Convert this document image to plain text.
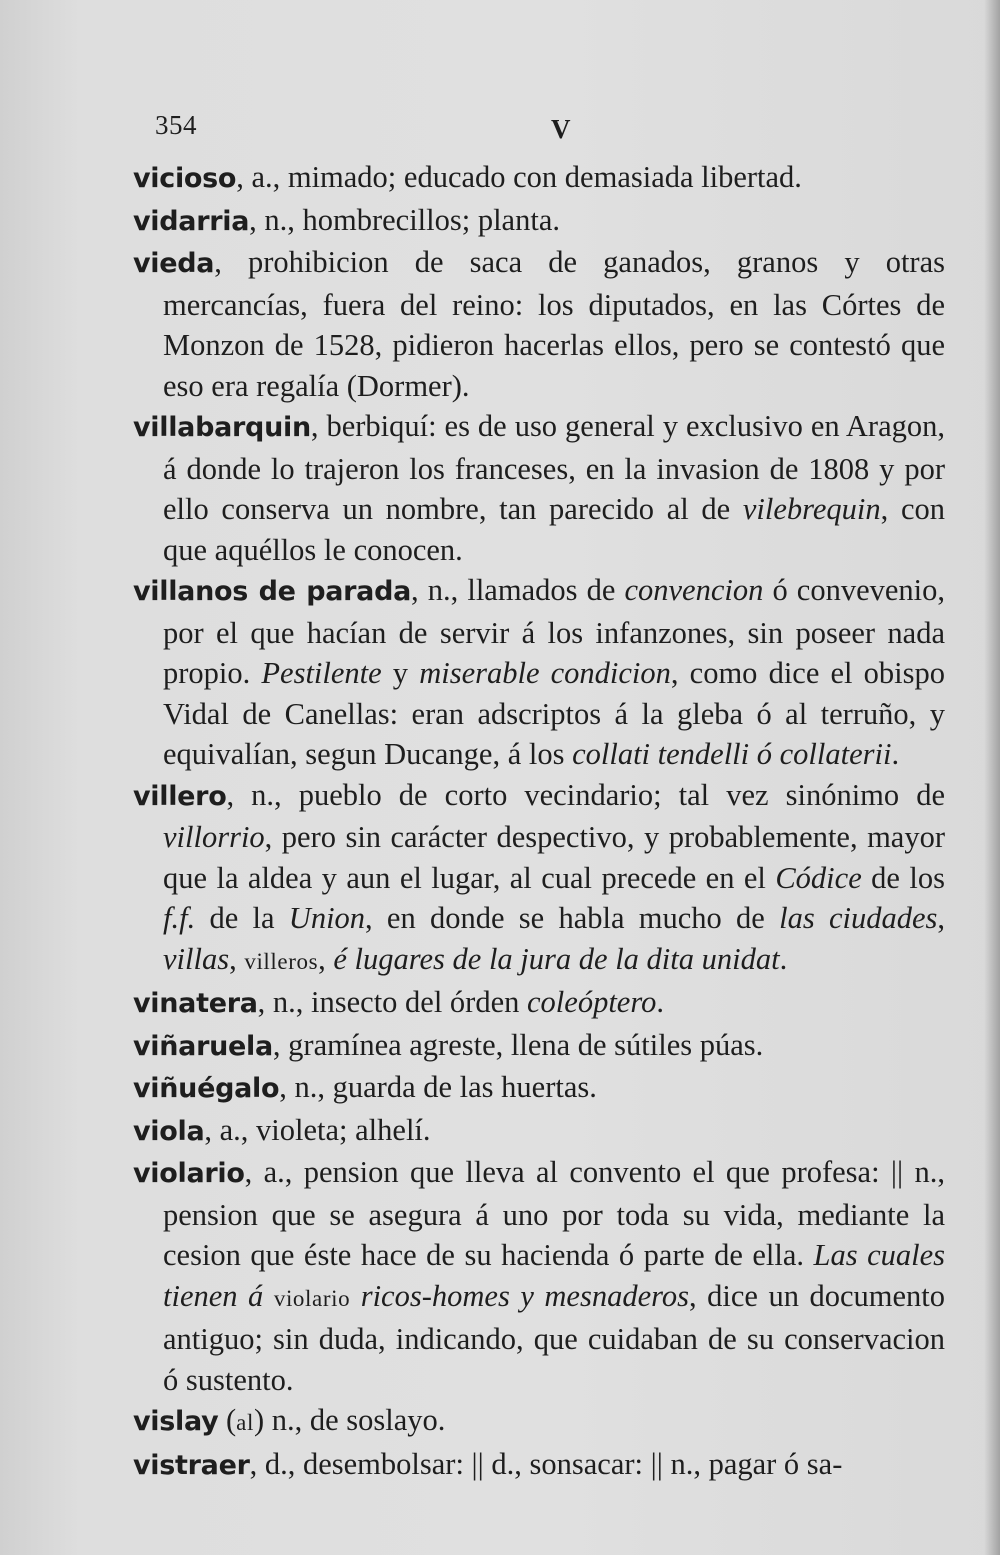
354	V

vicioso, a., mimado; educado con demasiada libertad.

vidarria, n., hombrecillos; planta.

vieda, prohibicion de saca de ganados, granos y otras mercancías, fuera del reino: los diputados, en las Córtes de Monzon de 1528, pidieron hacerlas ellos, pero se contestó que eso era regalía (Dormer).

villabarquin, berbiquí: es de uso general y exclusivo en Aragon, á donde lo trajeron los franceses, en la invasion de 1808 y por ello conserva un nombre, tan parecido al de vilebrequin, con que aquéllos le conocen.

villanos de parada, n., llamados de convencion ó convevenio, por el que hacían de servir á los infanzones, sin poseer nada propio. Pestilente y miserable condicion, como dice el obispo Vidal de Canellas: eran adscriptos á la gleba ó al terruño, y equivalían, segun Ducange, á los collati tendelli ó collaterii.

villero, n., pueblo de corto vecindario; tal vez sinónimo de villorrio, pero sin carácter despectivo, y probablemente, mayor que la aldea y aun el lugar, al cual precede en el Códice de los f.f. de la Union, en donde se habla mucho de las ciudades, villas, villeros, é lugares de la jura de la dita unidat.

vinatera, n., insecto del órden coleóptero.

viñaruela, gramínea agreste, llena de sútiles púas.

viñuégalo, n., guarda de las huertas.

viola, a., violeta; alhelí.

violario, a., pension que lleva al convento el que profesa: || n., pension que se asegura á uno por toda su vida, mediante la cesion que éste hace de su hacienda ó parte de ella. Las cuales tienen á violario ricos-homes y mesnaderos, dice un documento antiguo; sin duda, indicando, que cuidaban de su conservacion ó sustento.

vislay (al) n., de soslayo.

vistraer, d., desembolsar: || d., sonsacar: || n., pagar ó sa-
